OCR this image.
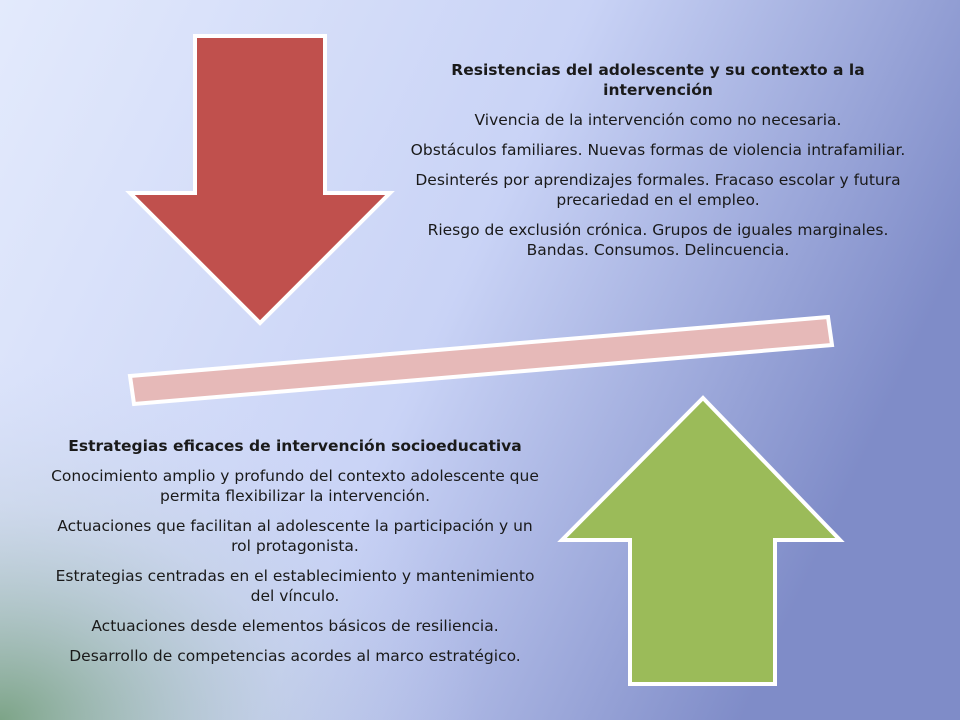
Resistencias del adolescente y su contexto a la intervención

Vivencia de la intervención como no necesaria.

Obstáculos familiares. Nuevas formas de violencia intrafamiliar.

Desinterés por aprendizajes formales. Fracaso escolar y futura precariedad en el empleo.

Riesgo de exclusión crónica. Grupos de iguales marginales. Bandas. Consumos. Delincuencia.

Estrategias eficaces de intervención socioeducativa

Conocimiento amplio y profundo del contexto adolescente que permita flexibilizar la intervención.

Actuaciones que facilitan al adolescente la participación y un rol protagonista.

Estrategias centradas en el establecimiento y mantenimiento del vínculo.

Actuaciones desde elementos básicos de resiliencia.

Desarrollo de competencias acordes al marco estratégico.
